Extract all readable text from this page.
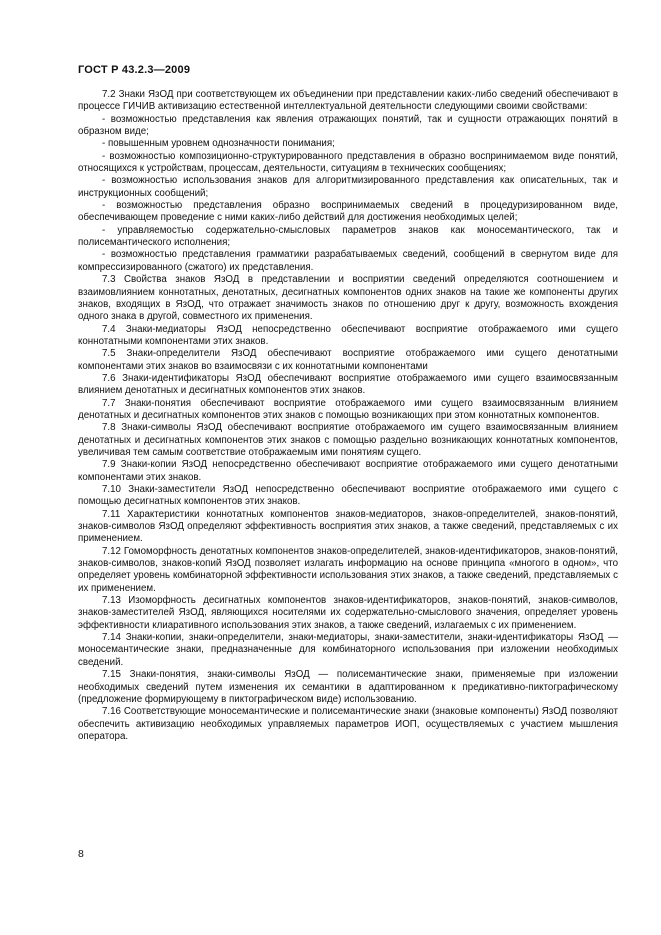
ГОСТ Р 43.2.3—2009

7.2 Знаки ЯзОД при соответствующем их объединении при представлении каких-либо сведений обеспечивают в процессе ГИЧИВ активизацию естественной интеллектуальной деятельности следующими своими свойствами:

- возможностью представления как явления отражающих понятий, так и сущности отражающих понятий в образном виде;

- повышенным уровнем однозначности понимания;

- возможностью композиционно-структурированного представления в образно воспринимаемом виде понятий, относящихся к устройствам, процессам, деятельности, ситуациям в технических сообщениях;

- возможностью использования знаков для алгоритмизированного представления как описательных, так и инструкционных сообщений;

- возможностью представления образно воспринимаемых сведений в процедуризированном виде, обеспечивающем проведение с ними каких-либо действий для достижения необходимых целей;

- управляемостью содержательно-смысловых параметров знаков как моносемантического, так и полисемантического исполнения;

- возможностью представления грамматики разрабатываемых сведений, сообщений в свернутом виде для компрессизированного (сжатого) их представления.

7.3 Свойства знаков ЯзОД в представлении и восприятии сведений определяются соотношением и взаимовлиянием коннотатных, денотатных, десигнатных компонентов одних знаков на такие же компоненты других знаков, входящих в ЯзОД, что отражает значимость знаков по отношению друг к другу, возможность вхождения одного знака в другой, совместного их применения.

7.4 Знаки-медиаторы ЯзОД непосредственно обеспечивают восприятие отображаемого ими сущего коннотатными компонентами этих знаков.

7.5 Знаки-определители ЯзОД обеспечивают восприятие отображаемого ими сущего денотатными компонентами этих знаков во взаимосвязи с их коннотатными компонентами

7.6 Знаки-идентификаторы ЯзОД обеспечивают восприятие отображаемого ими сущего взаимосвязанным влиянием денотатных и десигнатных компонентов этих знаков.

7.7 Знаки-понятия обеспечивают восприятие отображаемого ими сущего взаимосвязанным влиянием денотатных и десигнатных компонентов этих знаков с помощью возникающих при этом коннотатных компонентов.

7.8 Знаки-символы ЯзОД обеспечивают восприятие отображаемого им сущего взаимосвязанным влиянием денотатных и десигнатных компонентов этих знаков с помощью раздельно возникающих коннотатных компонентов, увеличивая тем самым соответствие отображаемым ими понятиям сущего.

7.9 Знаки-копии ЯзОД непосредственно обеспечивают восприятие отображаемого ими сущего денотатными компонентами этих знаков.

7.10 Знаки-заместители ЯзОД непосредственно обеспечивают восприятие отображаемого ими сущего с помощью десигнатных компонентов этих знаков.

7.11 Характеристики коннотатных компонентов знаков-медиаторов, знаков-определителей, знаков-понятий, знаков-символов ЯзОД определяют эффективность восприятия этих знаков, а также сведений, представляемых с их применением.

7.12 Гомоморфность денотатных компонентов знаков-определителей, знаков-идентификаторов, знаков-понятий, знаков-символов, знаков-копий ЯзОД позволяет излагать информацию на основе принципа «многого в одном», что определяет уровень комбинаторной эффективности использования этих знаков, а также сведений, представляемых с их применением.

7.13 Изоморфность десигнатных компонентов знаков-идентификаторов, знаков-понятий, знаков-символов, знаков-заместителей ЯзОД, являющихся носителями их содержательно-смыслового значения, определяет уровень эффективности клиаративного использования этих знаков, а также сведений, излагаемых с их применением.

7.14 Знаки-копии, знаки-определители, знаки-медиаторы, знаки-заместители, знаки-идентификаторы ЯзОД — моносемантические знаки, предназначенные для комбинаторного использования при изложении необходимых сведений.

7.15 Знаки-понятия, знаки-символы ЯзОД — полисемантические знаки, применяемые при изложении необходимых сведений путем изменения их семантики в адаптированном к предикативно-пиктографическому (предложение формирующему в пиктографическом виде) использованию.

7.16 Соответствующие моносемантические и полисемантические знаки (знаковые компоненты) ЯзОД позволяют обеспечить активизацию необходимых управляемых параметров ИОП, осуществляемых с участием мышления оператора.

8
